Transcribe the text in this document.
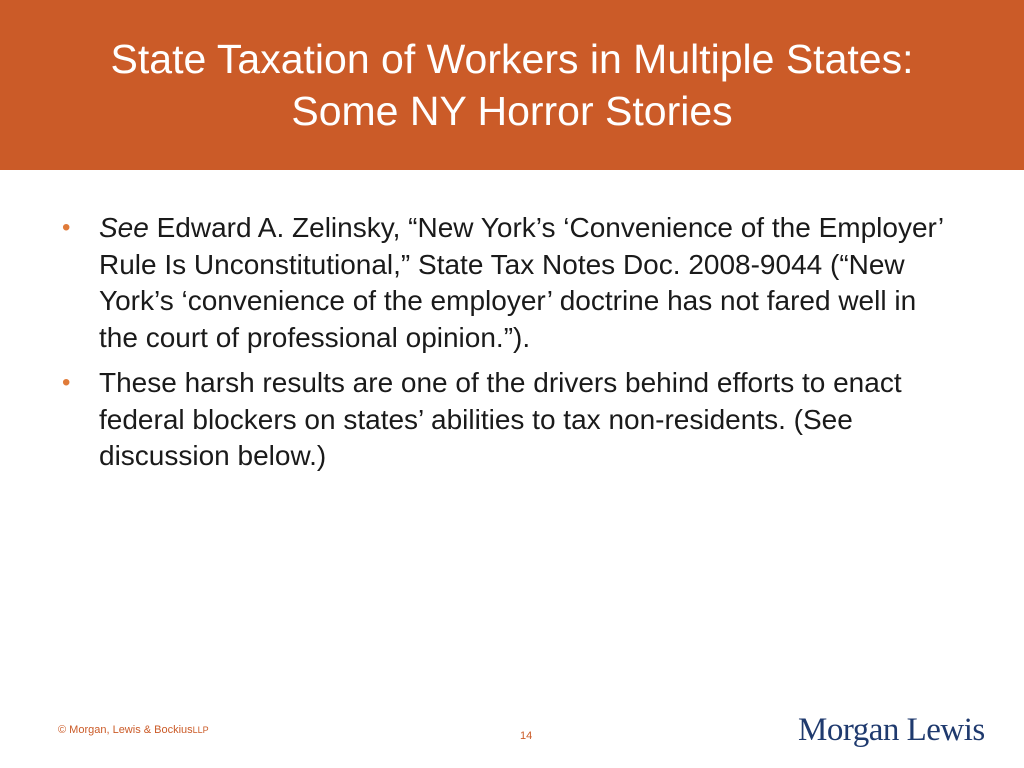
State Taxation of Workers in Multiple States:
Some NY Horror Stories
• See Edward A. Zelinsky, “New York’s ‘Convenience of the Employer’ Rule Is Unconstitutional,” State Tax Notes Doc. 2008-9044 (“New York’s ‘convenience of the employer’ doctrine has not fared well in the court of professional opinion.”).
• These harsh results are one of the drivers behind efforts to enact federal blockers on states’ abilities to tax non-residents. (See discussion below.)
© Morgan, Lewis & BockiusLLP	14	Morgan Lewis
